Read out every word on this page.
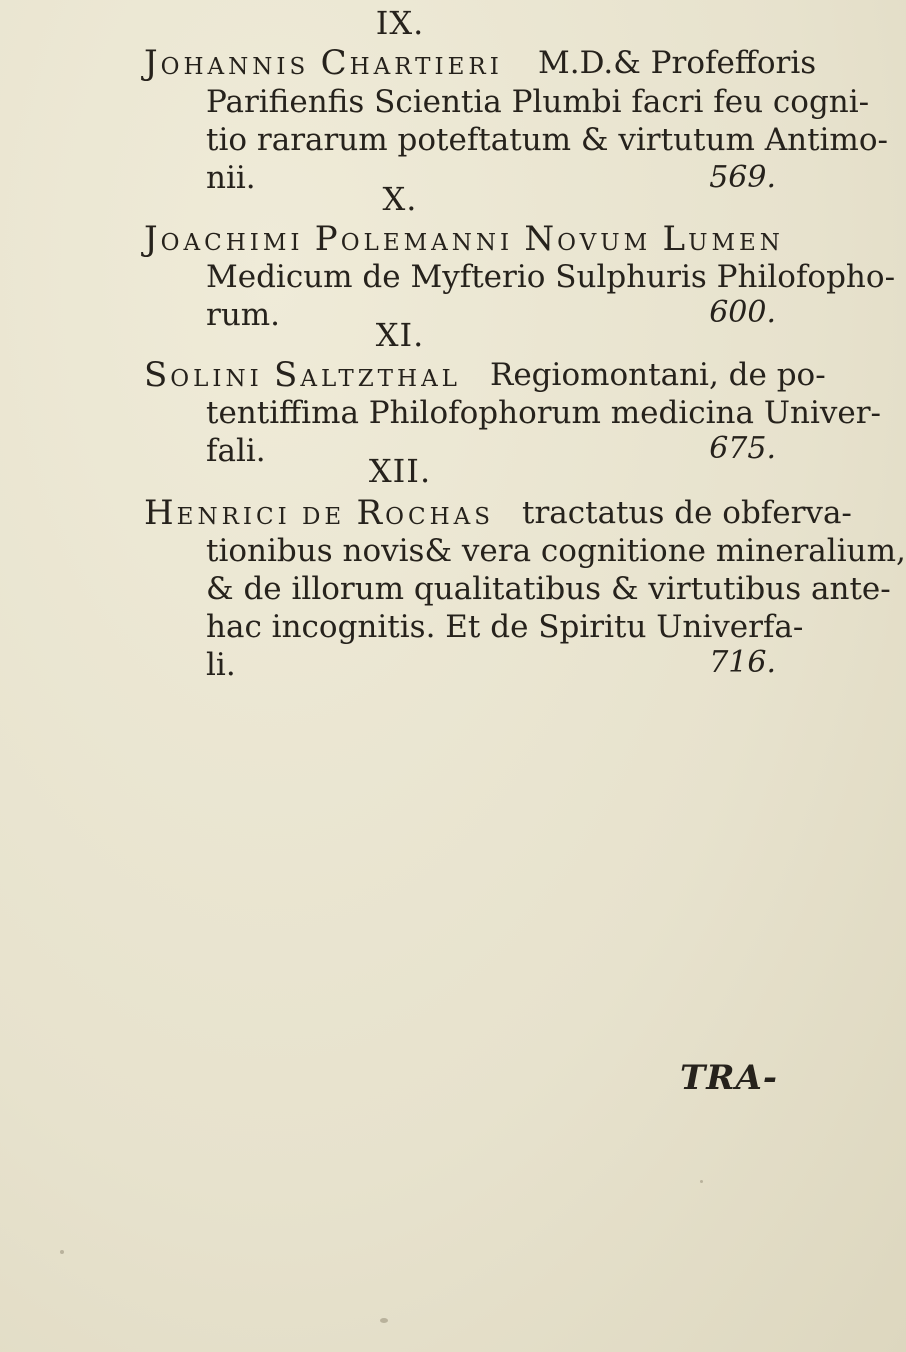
IX.
JOHANNIS CHARTIERI M.D.& Profefforis
Parifienfis Scientia Plumbi facri feu cogni-
tio rararum poteftatum & virtutum Antimo-
nii.	569.
X.
JOACHIMI POLEMANNI NOVUM LUMEN
Medicum de Myfterio Sulphuris Philofopho-
rum.	600.
XI.
SOLINI SALTZTHAL Regiomontani, de po-
tentiffima Philofophorum medicina Univer-
fali.	675.
XII.
HENRICI DE ROCHAS tractatus de obferva-
tionibus novis& vera cognitione mineralium,
& de illorum qualitatibus & virtutibus ante-
hac incognitis. Et de Spiritu Univerfa-
li.	716.
TRA-
